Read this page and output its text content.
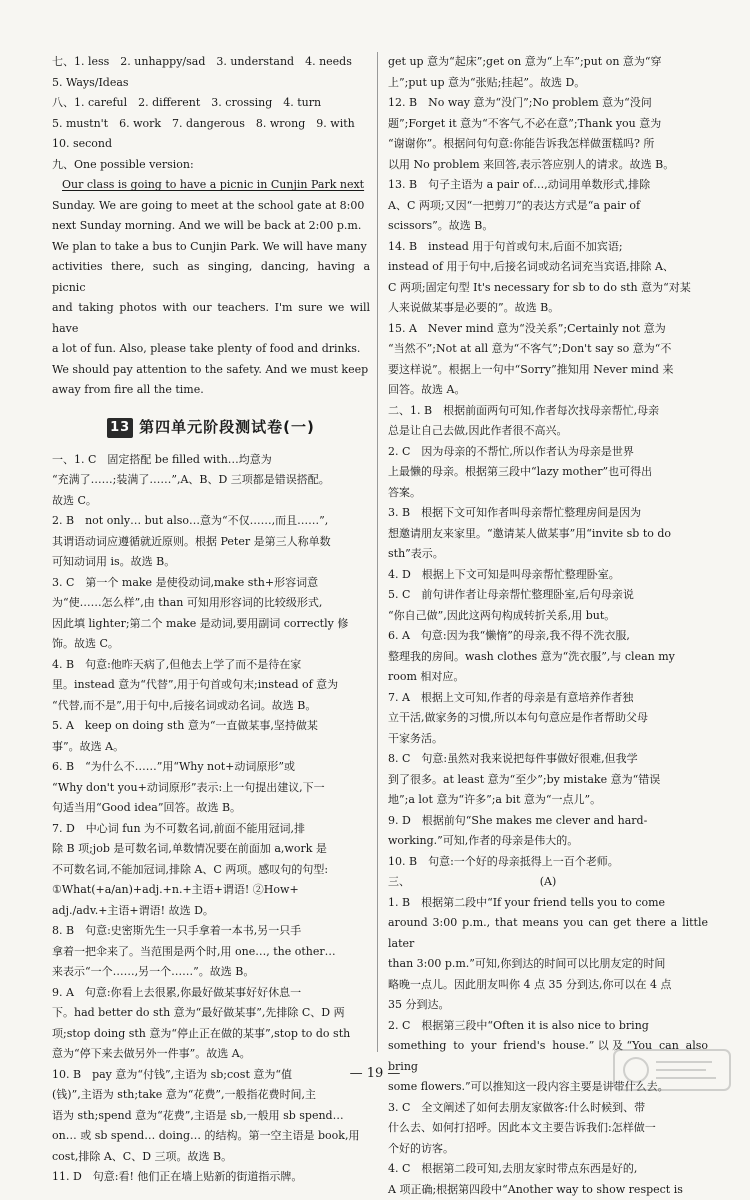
七、1. less　2. unhappy/sad　3. understand　4. needs

5. Ways/Ideas

八、1. careful　2. different　3. crossing　4. turn

5. mustn't　6. work　7. dangerous　8. wrong　9. with

10. second

九、One possible version:

Our class is going to have a picnic in Cunjin Park next

Sunday. We are going to meet at the school gate at 8:00

next Sunday morning. And we will be back at 2:00 p.m.

We plan to take a bus to Cunjin Park. We will have many

activities there, such as singing, dancing, having a picnic

and taking photos with our teachers. I'm sure we will have

a lot of fun. Also, please take plenty of food and drinks.

We should pay attention to the safety. And we must keep

away from fire all the time.

13 第四单元阶段测试卷(一)

一、1. C　固定搭配 be filled with…均意为

“充满了……;装满了……”,A、B、D 三项都是错误搭配。

故选 C。

2. B　not only… but also…意为“不仅……,而且……”,

其谓语动词应遵循就近原则。根据 Peter 是第三人称单数

可知动词用 is。故选 B。

3. C　第一个 make 是使役动词,make sth+形容词意

为“使……怎么样”,由 than 可知用形容词的比较级形式,

因此填 lighter;第二个 make 是动词,要用副词 correctly 修

饰。故选 C。

4. B　句意:他昨天病了,但他去上学了而不是待在家

里。instead 意为“代替”,用于句首或句末;instead of 意为

“代替,而不是”,用于句中,后接名词或动名词。故选 B。

5. A　keep on doing sth 意为“一直做某事,坚持做某

事”。故选 A。

6. B　“为什么不……”用“Why not+动词原形”或

“Why don't you+动词原形”表示:上一句提出建议,下一

句适当用“Good idea”回答。故选 B。

7. D　中心词 fun 为不可数名词,前面不能用冠词,排

除 B 项;job 是可数名词,单数情况要在前面加 a,work 是

不可数名词,不能加冠词,排除 A、C 两项。感叹句的句型:

①What(+a/an)+adj.+n.+主语+谓语! ②How+

adj./adv.+主语+谓语! 故选 D。

8. B　句意:史密斯先生一只手拿着一本书,另一只手

拿着一把伞来了。当范围是两个时,用 one…, the other…

来表示“一个……,另一个……”。故选 B。

9. A　句意:你看上去很累,你最好做某事好好休息一

下。had better do sth 意为“最好做某事”,先排除 C、D 两

项;stop doing sth 意为“停止正在做的某事”,stop to do sth

意为“停下来去做另外一件事”。故选 A。

10. B　pay 意为“付钱”,主语为 sb;cost 意为“值

(钱)”,主语为 sth;take 意为“花费”,一般指花费时间,主

语为 sth;spend 意为“花费”,主语是 sb,一般用 sb spend…

on… 或 sb spend… doing… 的结构。第一空主语是 book,用

cost,排除 A、C、D 三项。故选 B。

11. D　句意:看! 他们正在墙上贴新的街道指示牌。

get up 意为“起床”;get on 意为“上车”;put on 意为“穿

上”;put up 意为“张贴;挂起”。故选 D。

12. B　No way 意为“没门”;No problem 意为“没问

题”;Forget it 意为“不客气,不必在意”;Thank you 意为

“谢谢你”。根据问句句意:你能告诉我怎样做蛋糕吗? 所

以用 No problem 来回答,表示答应别人的请求。故选 B。

13. B　句子主语为 a pair of…,动词用单数形式,排除

A、C 两项;又因“一把剪刀”的表达方式是“a pair of

scissors”。故选 B。

14. B　instead 用于句首或句末,后面不加宾语;

instead of 用于句中,后接名词或动名词充当宾语,排除 A、

C 两项;固定句型 It's necessary for sb to do sth 意为“对某

人来说做某事是必要的”。故选 B。

15. A　Never mind 意为“没关系”;Certainly not 意为

“当然不”;Not at all 意为“不客气”;Don't say so 意为“不

要这样说”。根据上一句中“Sorry”推知用 Never mind 来

回答。故选 A。

二、1. B　根据前面两句可知,作者每次找母亲帮忙,母亲

总是让自己去做,因此作者很不高兴。

2. C　因为母亲的不帮忙,所以作者认为母亲是世界

上最懒的母亲。根据第三段中“lazy mother”也可得出

答案。

3. B　根据下文可知作者叫母亲帮忙整理房间是因为

想邀请朋友来家里。“邀请某人做某事”用“invite sb to do

sth”表示。

4. D　根据上下文可知是叫母亲帮忙整理卧室。

5. C　前句讲作者让母亲帮忙整理卧室,后句母亲说

“你自己做”,因此这两句构成转折关系,用 but。

6. A　句意:因为我“懒惰”的母亲,我不得不洗衣服,

整理我的房间。wash clothes 意为“洗衣服”,与 clean my

room 相对应。

7. A　根据上文可知,作者的母亲是有意培养作者独

立干活,做家务的习惯,所以本句句意应是作者帮助父母

干家务活。

8. C　句意:虽然对我来说把每件事做好很难,但我学

到了很多。at least 意为“至少”;by mistake 意为“错误

地”;a lot 意为“许多”;a bit 意为“一点儿”。

9. D　根据前句“She makes me clever and hard-

working.”可知,作者的母亲是伟大的。

10. B　句意:一个好的母亲抵得上一百个老师。

三、	(A)

1. B　根据第二段中“If your friend tells you to come

around 3:00 p.m., that means you can get there a little later

than 3:00 p.m.”可知,你到达的时间可以比朋友定的时间

略晚一点儿。因此朋友叫你 4 点 35 分到达,你可以在 4 点

35 分到达。

2. C　根据第三段中“Often it is also nice to bring

something to your friend's house.”以及“You can also bring

some flowers.”可以推知这一段内容主要是讲带什么去。

3. C　全文阐述了如何去朋友家做客:什么时候到、带

什么去、如何打招呼。因此本文主要告诉我们:怎样做一

个好的访客。

4. C　根据第二段可知,去朋友家时带点东西是好的,

A 项正确;根据第四段中“Another way to show respect is

— 19 —
